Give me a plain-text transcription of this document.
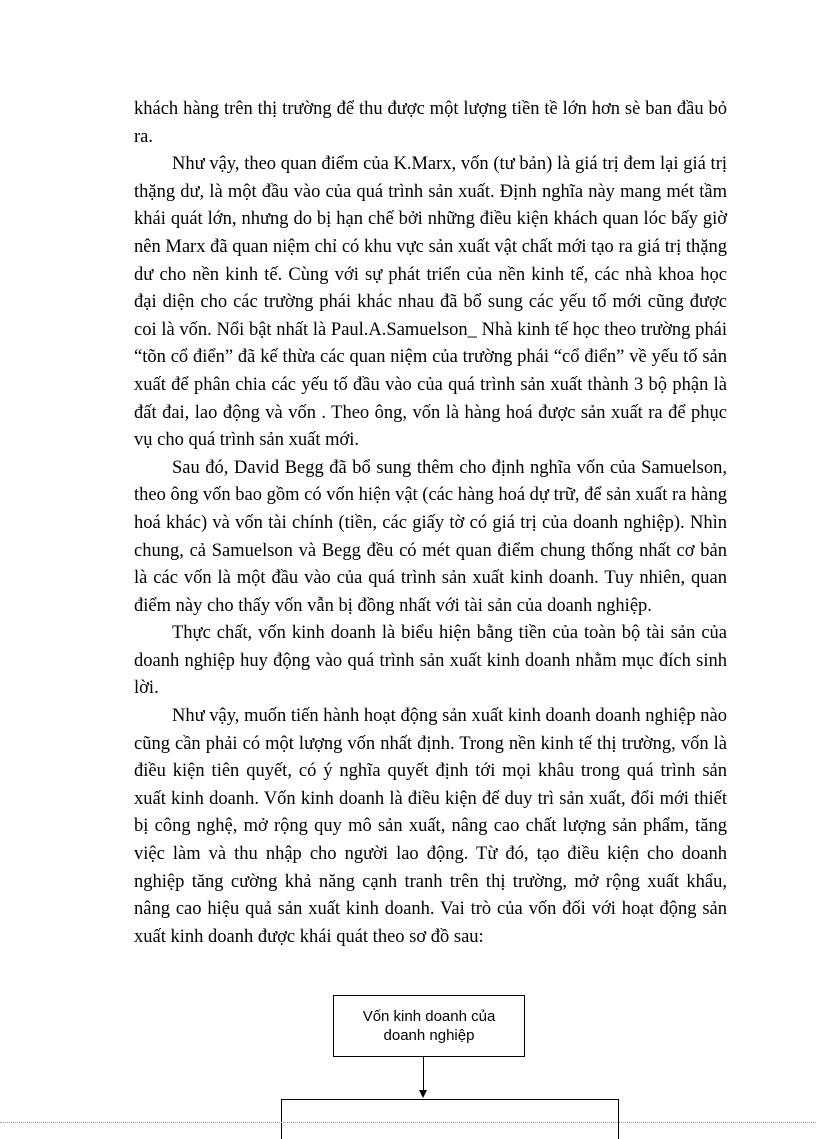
khách hàng trên thị trường để thu được một lượng tiền tề lớn hơn sè ban đầu bỏ ra.

Như vậy, theo quan điểm của K.Marx, vốn (tư bản) là giá trị đem lại giá trị thặng dư, là một đầu vào của quá trình sản xuất. Định nghĩa này mang mét tầm khái quát lớn, nhưng do bị hạn chế bởi những điều kiện khách quan lóc bấy giờ nên Marx đã quan niệm chỉ có khu vực sản xuất vật chất mới tạo ra giá trị thặng dư cho nền kinh tế. Cùng với sự phát triển của nền kinh tế, các nhà khoa học đại diện cho các trường phái khác nhau đã bổ sung các yếu tố mới cũng được coi là vốn. Nổi bật nhất là Paul.A.Samuelson_ Nhà kinh tế học theo trường phái “tõn cổ điển” đã kế thừa các quan niệm của trường phái “cổ điển” về yếu tố sản xuất để phân chia các yếu tố đầu vào của quá trình sản xuất thành 3 bộ phận là đất đai, lao động và vốn . Theo ông, vốn là hàng hoá được sản xuất ra để phục vụ cho quá trình sản xuất mới.

Sau đó, David Begg đã bổ sung thêm cho định nghĩa vốn của Samuelson, theo ông vốn bao gồm có vốn hiện vật (các hàng hoá dự trữ, để sản xuất ra hàng hoá khác) và vốn tài chính (tiền, các giấy tờ có giá trị của doanh nghiệp). Nhìn chung, cả Samuelson và Begg đều có mét quan điểm chung thống nhất cơ bản là các vốn là một đầu vào của quá trình sản xuất kinh doanh. Tuy nhiên, quan điểm này cho thấy vốn vẫn bị đồng nhất với tài sản của doanh nghiệp.

Thực chất, vốn kinh doanh là biểu hiện bằng tiền của toàn bộ tài sản của doanh nghiệp huy động vào quá trình sản xuất kinh doanh nhằm mục đích sinh lời.

Như vậy, muốn tiến hành hoạt động sản xuất kinh doanh doanh nghiệp nào cũng cần phải có một lượng vốn nhất định. Trong nền kinh tế thị trường, vốn là điều kiện tiên quyết, có ý nghĩa quyết định tới mọi khâu trong quá trình sản xuất kinh doanh. Vốn kinh doanh là điều kiện để duy trì sản xuất, đổi mới thiết bị công nghệ, mở rộng quy mô sản xuất, nâng cao chất lượng sản phẩm, tăng việc làm và thu nhập cho người lao động. Từ đó, tạo điều kiện cho doanh nghiệp tăng cường khả năng cạnh tranh trên thị trường, mở rộng xuất khẩu, nâng cao hiệu quả sản xuất kinh doanh. Vai trò của vốn đối với hoạt động sản xuất kinh doanh được khái quát theo sơ đồ sau:

Vốn kinh doanh của doanh nghiệp
